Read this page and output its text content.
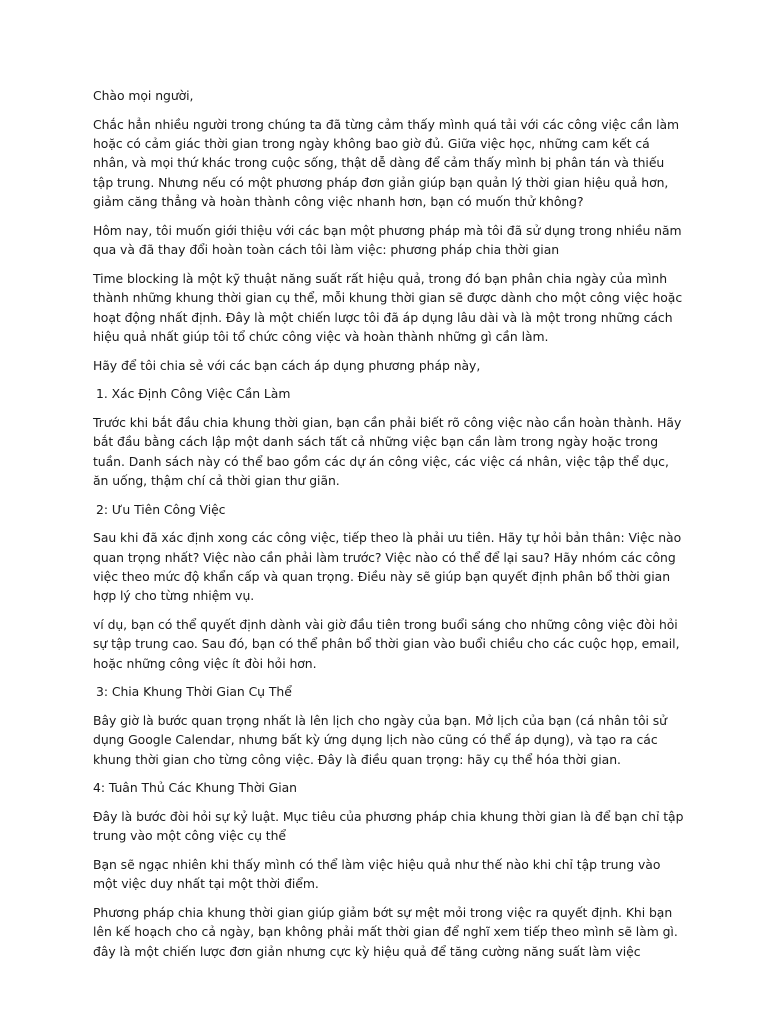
Chào mọi người,

Chắc hẳn nhiều người trong chúng ta đã từng cảm thấy mình quá tải với các công việc cần làm hoặc có cảm giác thời gian trong ngày không bao giờ đủ. Giữa việc học, những cam kết cá nhân, và mọi thứ khác trong cuộc sống, thật dễ dàng để cảm thấy mình bị phân tán và thiếu tập trung. Nhưng nếu có một phương pháp đơn giản giúp bạn quản lý thời gian hiệu quả hơn, giảm căng thẳng và hoàn thành công việc nhanh hơn, bạn có muốn thử không?

Hôm nay, tôi muốn giới thiệu với các bạn một phương pháp mà tôi đã sử dụng trong nhiều năm qua và đã thay đổi hoàn toàn cách tôi làm việc: phương pháp chia thời gian

Time blocking là một kỹ thuật năng suất rất hiệu quả, trong đó bạn phân chia ngày của mình thành những khung thời gian cụ thể, mỗi khung thời gian sẽ được dành cho một công việc hoặc hoạt động nhất định. Đây là một chiến lược tôi đã áp dụng lâu dài và là một trong những cách hiệu quả nhất giúp tôi tổ chức công việc và hoàn thành những gì cần làm.

Hãy để tôi chia sẻ với các bạn cách áp dụng phương pháp này,

1. Xác Định Công Việc Cần Làm

Trước khi bắt đầu chia khung thời gian, bạn cần phải biết rõ công việc nào cần hoàn thành. Hãy bắt đầu bằng cách lập một danh sách tất cả những việc bạn cần làm trong ngày hoặc trong tuần. Danh sách này có thể bao gồm các dự án công việc, các việc cá nhân, việc tập thể dục, ăn uống, thậm chí cả thời gian thư giãn.

2: Ưu Tiên Công Việc

Sau khi đã xác định xong các công việc, tiếp theo là phải ưu tiên. Hãy tự hỏi bản thân: Việc nào quan trọng nhất? Việc nào cần phải làm trước? Việc nào có thể để lại sau? Hãy nhóm các công việc theo mức độ khẩn cấp và quan trọng. Điều này sẽ giúp bạn quyết định phân bổ thời gian hợp lý cho từng nhiệm vụ.

ví dụ, bạn có thể quyết định dành vài giờ đầu tiên trong buổi sáng cho những công việc đòi hỏi sự tập trung cao. Sau đó, bạn có thể phân bổ thời gian vào buổi chiều cho các cuộc họp, email, hoặc những công việc ít đòi hỏi hơn.

3: Chia Khung Thời Gian Cụ Thể

Bây giờ là bước quan trọng nhất là lên lịch cho ngày của bạn. Mở lịch của bạn (cá nhân tôi sử dụng Google Calendar, nhưng bất kỳ ứng dụng lịch nào cũng có thể áp dụng), và tạo ra các khung thời gian cho từng công việc. Đây là điều quan trọng: hãy cụ thể hóa thời gian.

4: Tuân Thủ Các Khung Thời Gian

Đây là bước đòi hỏi sự kỷ luật. Mục tiêu của phương pháp chia khung thời gian là để bạn chỉ tập trung vào một công việc cụ thể

Bạn sẽ ngạc nhiên khi thấy mình có thể làm việc hiệu quả như thế nào khi chỉ tập trung vào một việc duy nhất tại một thời điểm.

Phương pháp chia khung thời gian giúp giảm bớt sự mệt mỏi trong việc ra quyết định. Khi bạn lên kế hoạch cho cả ngày, bạn không phải mất thời gian để nghĩ xem tiếp theo mình sẽ làm gì. đây là một chiến lược đơn giản nhưng cực kỳ hiệu quả để tăng cường năng suất làm việc
